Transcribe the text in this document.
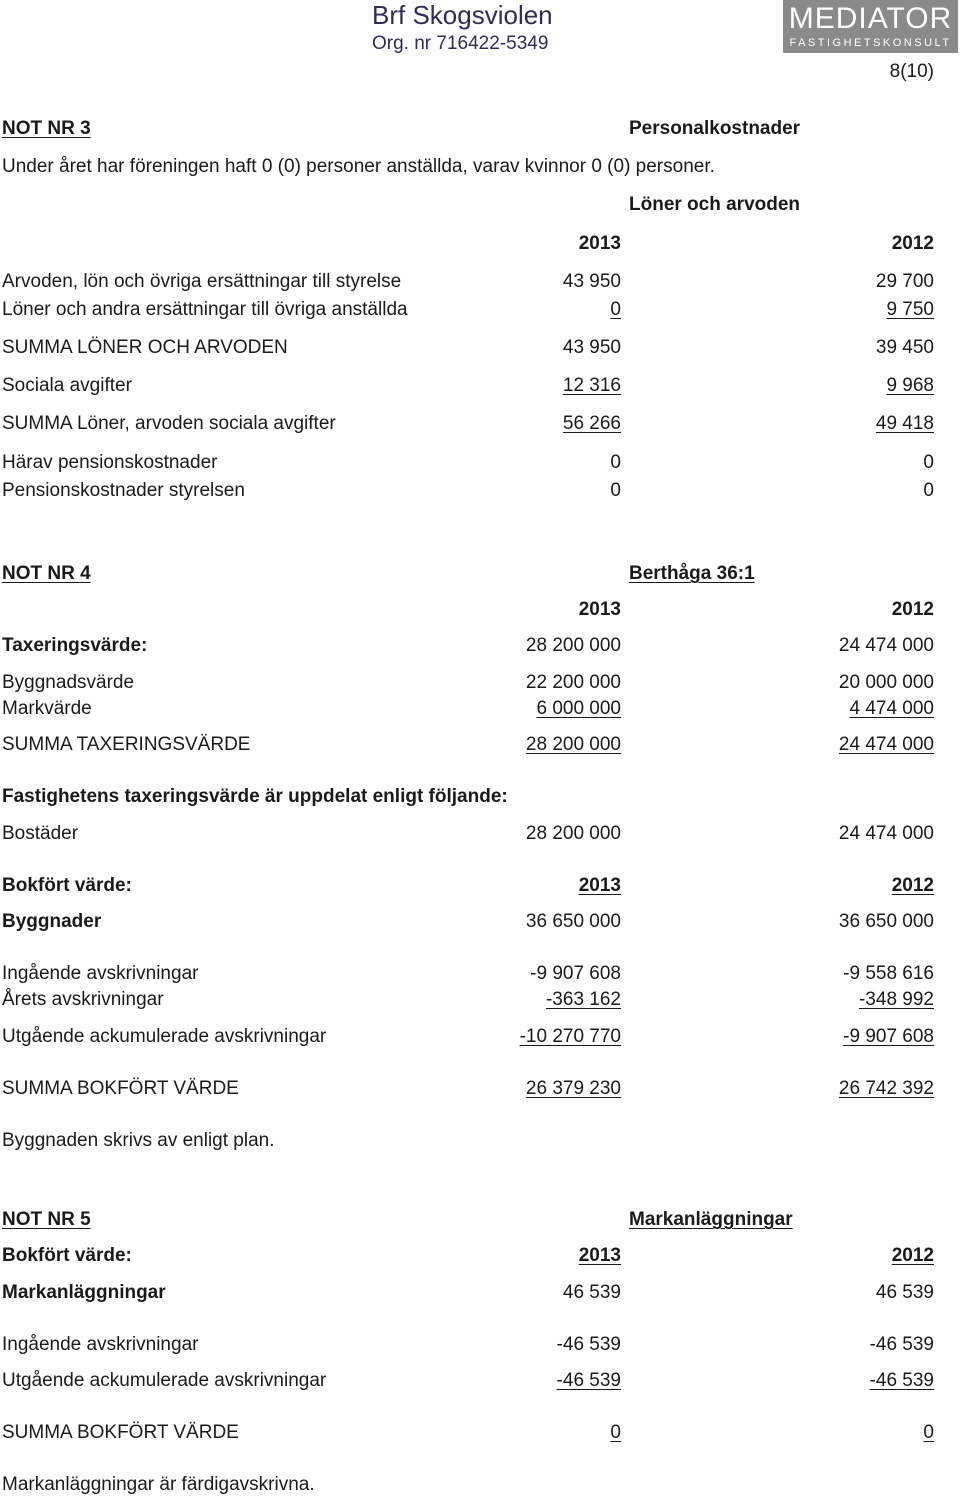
Brf Skogsviolen
Org. nr 716422-5349
MEDIATOR
FASTIGHETSKONSULT
8(10)
NOT NR 3	Personalkostnader
Under året har föreningen haft 0 (0) personer anställda, varav kvinnor 0 (0) personer.
Löner och arvoden
2013	2012
Arvoden, lön och övriga ersättningar till styrelse	43 950	29 700
Löner och andra ersättningar till övriga anställda	0	9 750
SUMMA LÖNER OCH ARVODEN	43 950	39 450
Sociala avgifter	12 316	9 968
SUMMA Löner, arvoden sociala avgifter	56 266	49 418
Härav pensionskostnader	0	0
Pensionskostnader styrelsen	0	0
NOT NR 4	Berthåga 36:1
2013	2012
Taxeringsvärde:	28 200 000	24 474 000
Byggnadsvärde	22 200 000	20 000 000
Markvärde	6 000 000	4 474 000
SUMMA TAXERINGSVÄRDE	28 200 000	24 474 000
Fastighetens taxeringsvärde är uppdelat enligt följande:
Bostäder	28 200 000	24 474 000
Bokfört värde:	2013	2012
Byggnader	36 650 000	36 650 000
Ingående avskrivningar	-9 907 608	-9 558 616
Årets avskrivningar	-363 162	-348 992
Utgående ackumulerade avskrivningar	-10 270 770	-9 907 608
SUMMA BOKFÖRT VÄRDE	26 379 230	26 742 392
Byggnaden skrivs av enligt plan.
NOT NR 5	Markanläggningar
Bokfört värde:	2013	2012
Markanläggningar	46 539	46 539
Ingående avskrivningar	-46 539	-46 539
Utgående ackumulerade avskrivningar	-46 539	-46 539
SUMMA BOKFÖRT VÄRDE	0	0
Markanläggningar är färdigavskrivna.
